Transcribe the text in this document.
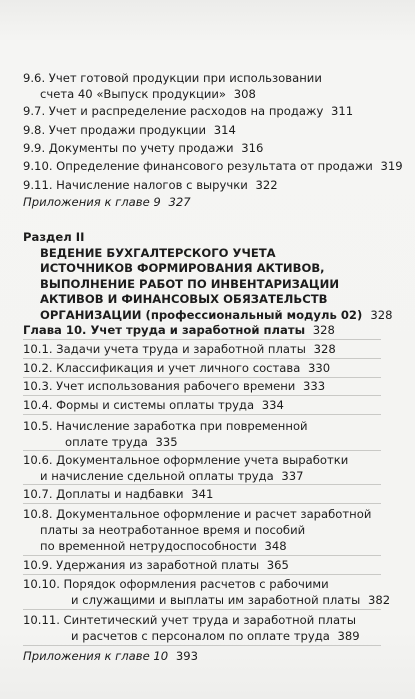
9.6. Учет готовой продукции при использовании
счета 40 «Выпуск продукции» 308
9.7. Учет и распределение расходов на продажу 311
9.8. Учет продажи продукции 314
9.9. Документы по учету продажи 316
9.10. Определение финансового результата от продажи 319
9.11. Начисление налогов с выручки 322
Приложения к главе 9 327
Раздел II
ВЕДЕНИЕ БУХГАЛТЕРСКОГО УЧЕТА
ИСТОЧНИКОВ ФОРМИРОВАНИЯ АКТИВОВ,
ВЫПОЛНЕНИЕ РАБОТ ПО ИНВЕНТАРИЗАЦИИ
АКТИВОВ И ФИНАНСОВЫХ ОБЯЗАТЕЛЬСТВ
ОРГАНИЗАЦИИ (профессиональный модуль 02) 328
Глава 10. Учет труда и заработной платы 328
10.1. Задачи учета труда и заработной платы 328
10.2. Классификация и учет личного состава 330
10.3. Учет использования рабочего времени 333
10.4. Формы и системы оплаты труда 334
10.5. Начисление заработка при повременной
оплате труда 335
10.6. Документальное оформление учета выработки
и начисление сдельной оплаты труда 337
10.7. Доплаты и надбавки 341
10.8. Документальное оформление и расчет заработной
платы за неотработанное время и пособий
по временной нетрудоспособности 348
10.9. Удержания из заработной платы 365
10.10. Порядок оформления расчетов с рабочими
и служащими и выплаты им заработной платы 382
10.11. Синтетический учет труда и заработной платы
и расчетов с персоналом по оплате труда 389
Приложения к главе 10 393
